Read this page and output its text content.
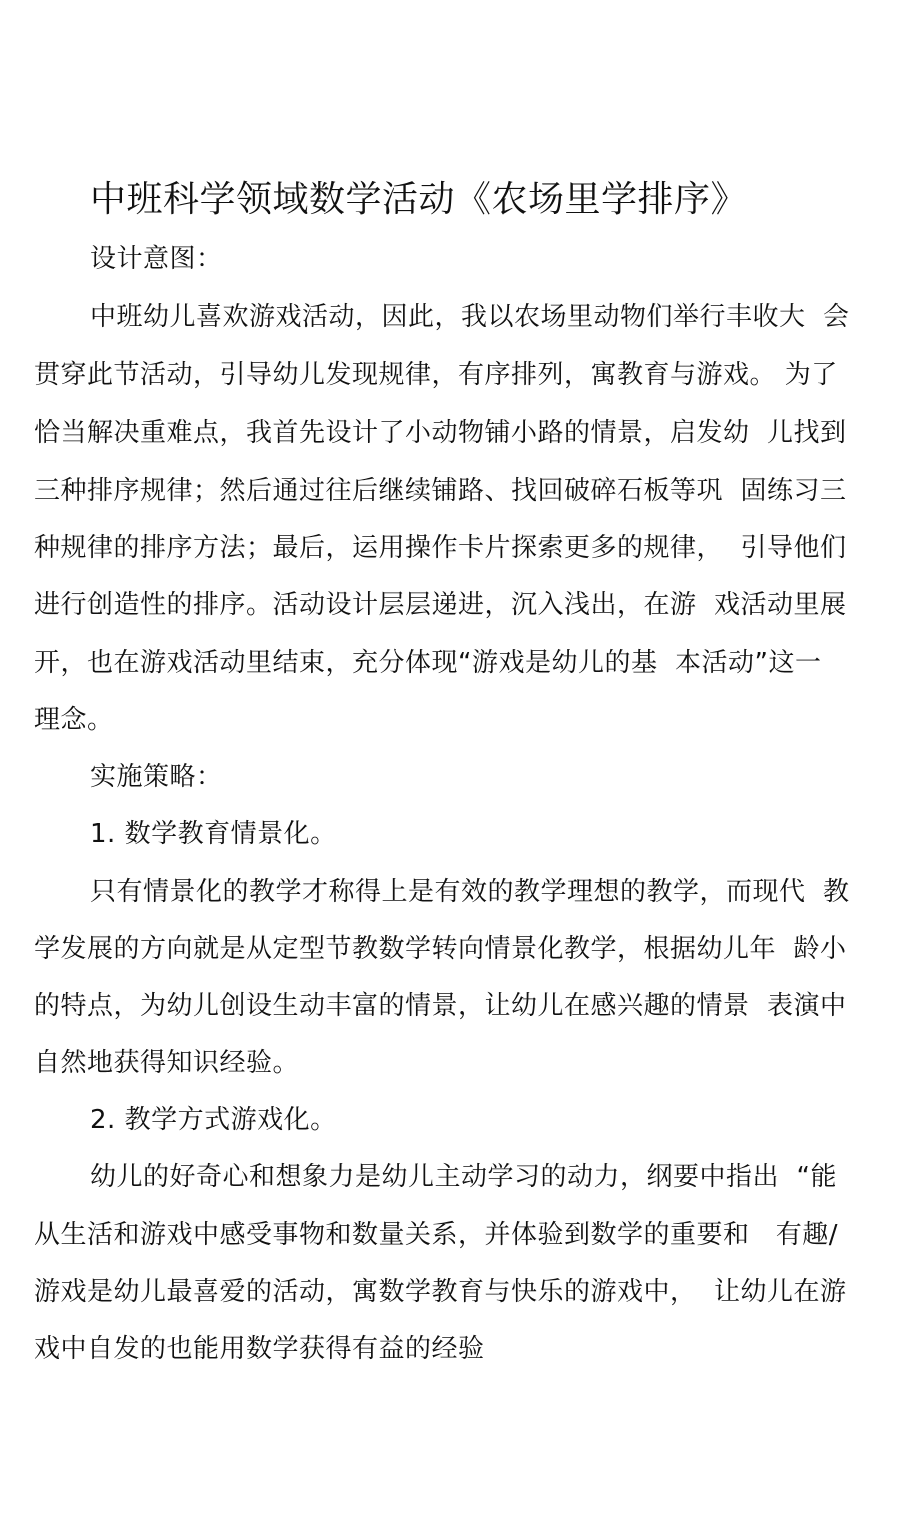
中班科学领域数学活动《农场里学排序》
设计意图：
中班幼儿喜欢游戏活动，因此，我以农场里动物们举行丰收大  会
贯穿此节活动，引导幼儿发现规律，有序排列，寓教育与游戏。 为了
恰当解决重难点，我首先设计了小动物铺小路的情景，启发幼  儿找到
三种排序规律；然后通过往后继续铺路、找回破碎石板等巩  固练习三
种规律的排序方法；最后，运用操作卡片探索更多的规律，  引导他们
进行创造性的排序。活动设计层层递进，沉入浅出，在游  戏活动里展
开，也在游戏活动里结束，充分体现“游戏是幼儿的基  本活动”这一
理念。
实施策略：
1. 数学教育情景化。
只有情景化的教学才称得上是有效的教学理想的教学，而现代  教
学发展的方向就是从定型节教数学转向情景化教学，根据幼儿年  龄小
的特点，为幼儿创设生动丰富的情景，让幼儿在感兴趣的情景  表演中
自然地获得知识经验。
2. 教学方式游戏化。
幼儿的好奇心和想象力是幼儿主动学习的动力，纲要中指出  “能
从生活和游戏中感受事物和数量关系，并体验到数学的重要和   有趣/
游戏是幼儿最喜爱的活动，寓数学教育与快乐的游戏中，  让幼儿在游
戏中自发的也能用数学获得有益的经验
